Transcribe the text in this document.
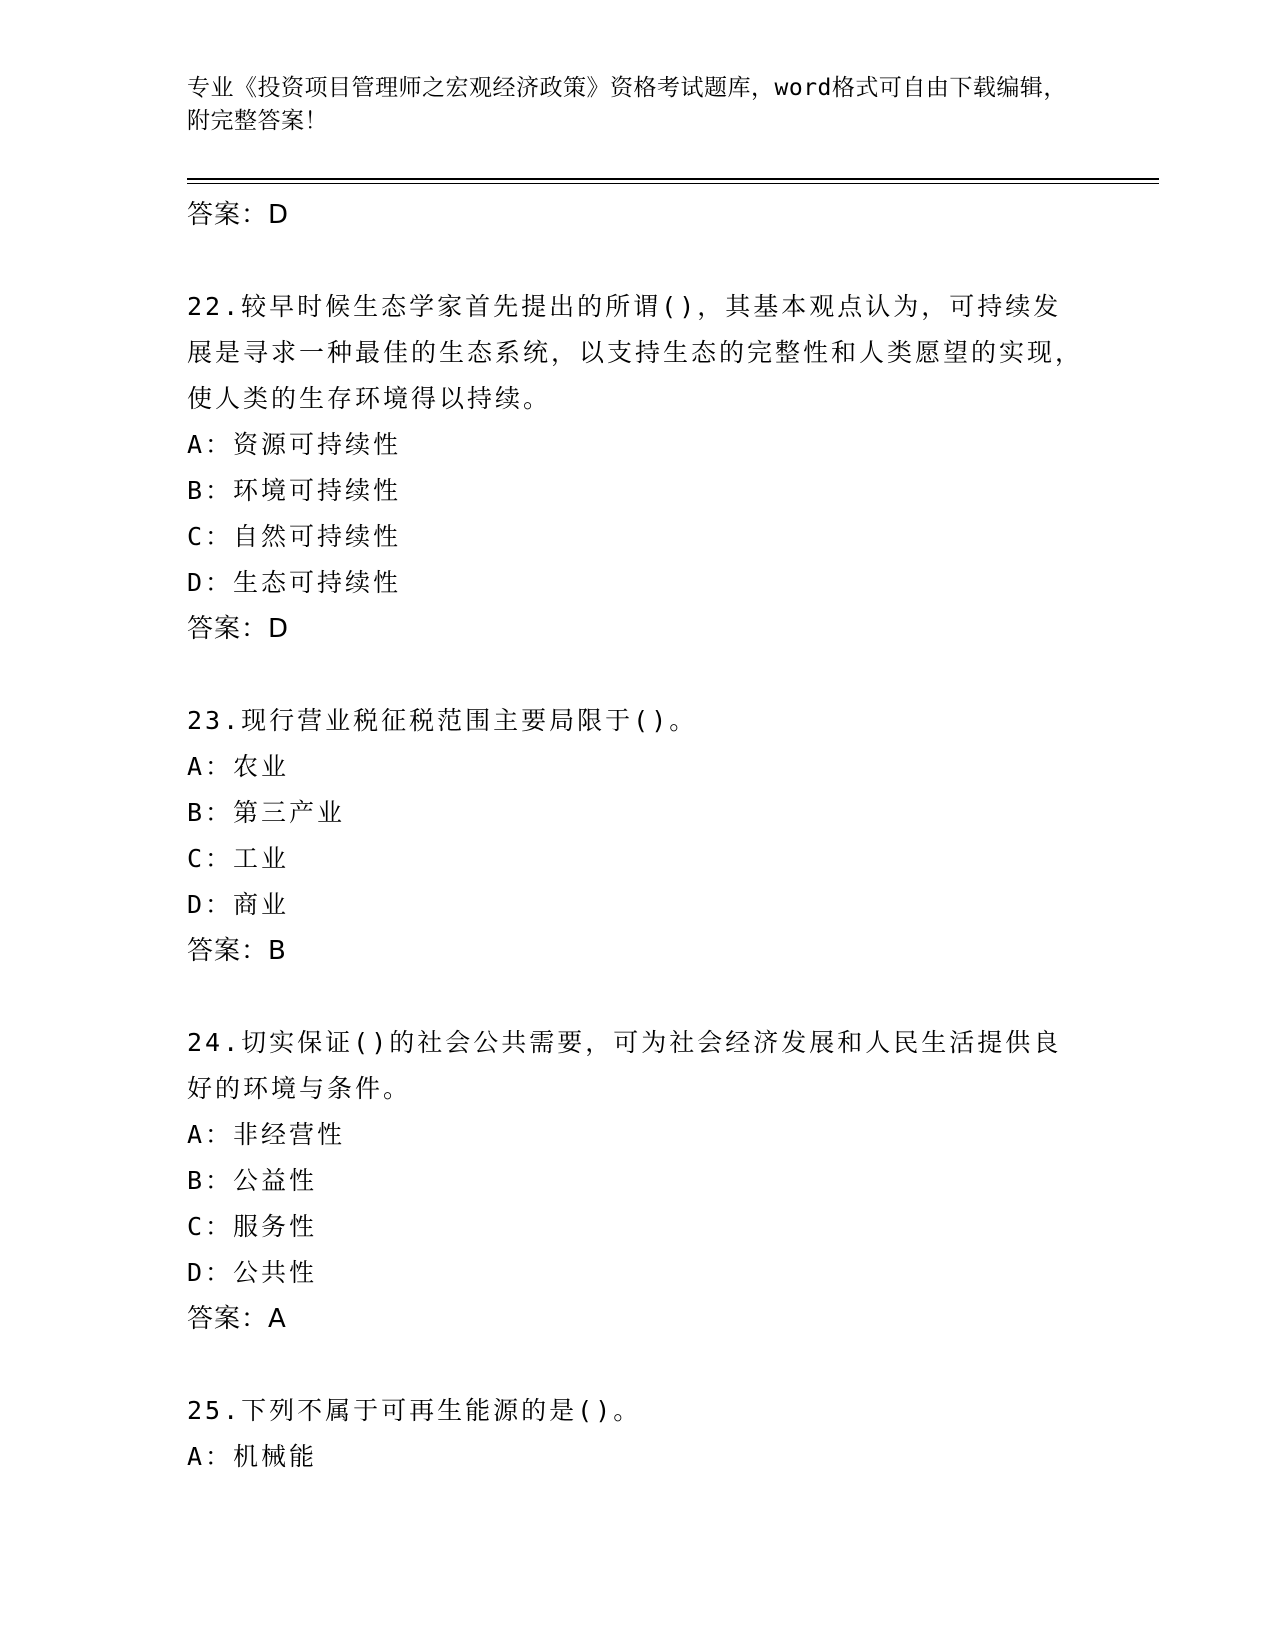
专业《投资项目管理师之宏观经济政策》资格考试题库，word格式可自由下载编辑，附完整答案！
答案：D
22.较早时候生态学家首先提出的所谓()，其基本观点认为，可持续发展是寻求一种最佳的生态系统，以支持生态的完整性和人类愿望的实现，使人类的生存环境得以持续。
A：资源可持续性
B：环境可持续性
C：自然可持续性
D：生态可持续性
答案：D
23.现行营业税征税范围主要局限于()。
A：农业
B：第三产业
C：工业
D：商业
答案：B
24.切实保证()的社会公共需要，可为社会经济发展和人民生活提供良好的环境与条件。
A：非经营性
B：公益性
C：服务性
D：公共性
答案：A
25.下列不属于可再生能源的是()。
A：机械能
